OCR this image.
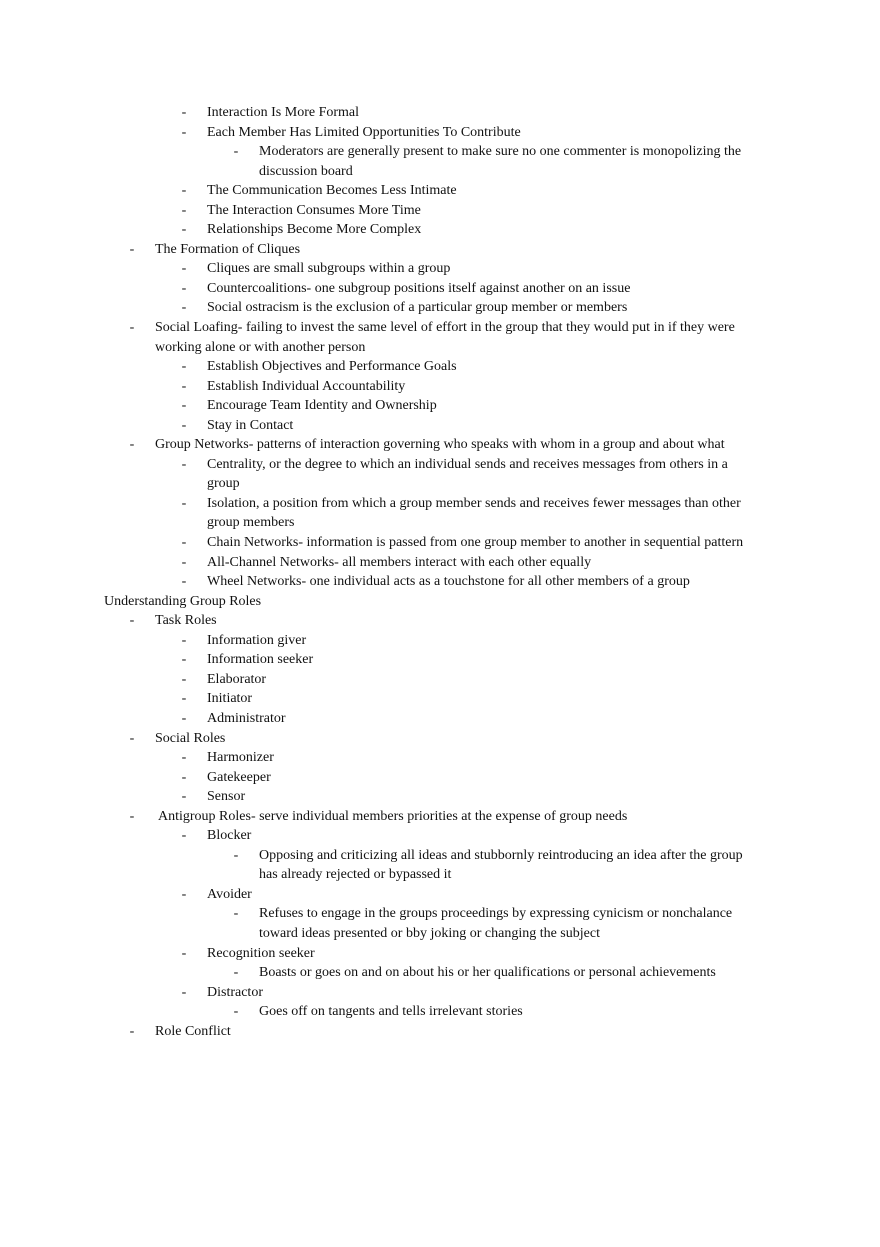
- Interaction Is More Formal
- Each Member Has Limited Opportunities To Contribute
- Moderators are generally present to make sure no one commenter is monopolizing the
discussion board
- The Communication Becomes Less Intimate
- The Interaction Consumes More Time
- Relationships Become More Complex
- The Formation of Cliques
- Cliques are small subgroups within a group
- Countercoalitions- one subgroup positions itself against another on an issue
- Social ostracism is the exclusion of a particular group member or members
- Social Loafing- failing to invest the same level of effort in the group that they would put in if they were
working alone or with another person
- Establish Objectives and Performance Goals
- Establish Individual Accountability
- Encourage Team Identity and Ownership
- Stay in Contact
- Group Networks- patterns of interaction governing who speaks with whom in a group and about what
- Centrality, or the degree to which an individual sends and receives messages from others in a
group
- Isolation, a position from which a group member sends and receives fewer messages than other
group members
- Chain Networks- information is passed from one group member to another in sequential pattern
- All-Channel Networks- all members interact with each other equally
- Wheel Networks- one individual acts as a touchstone for all other members of a group
Understanding Group Roles
- Task Roles
- Information giver
- Information seeker
- Elaborator
- Initiator
- Administrator
- Social Roles
- Harmonizer
- Gatekeeper
- Sensor
- Antigroup Roles- serve individual members priorities at the expense of group needs
- Blocker
- Opposing and criticizing all ideas and stubbornly reintroducing an idea after the group
has already rejected or bypassed it
- Avoider
- Refuses to engage in the groups proceedings by expressing cynicism or nonchalance
toward ideas presented or bby joking or changing the subject
- Recognition seeker
- Boasts or goes on and on about his or her qualifications or personal achievements
- Distractor
- Goes off on tangents and tells irrelevant stories
- Role Conflict
